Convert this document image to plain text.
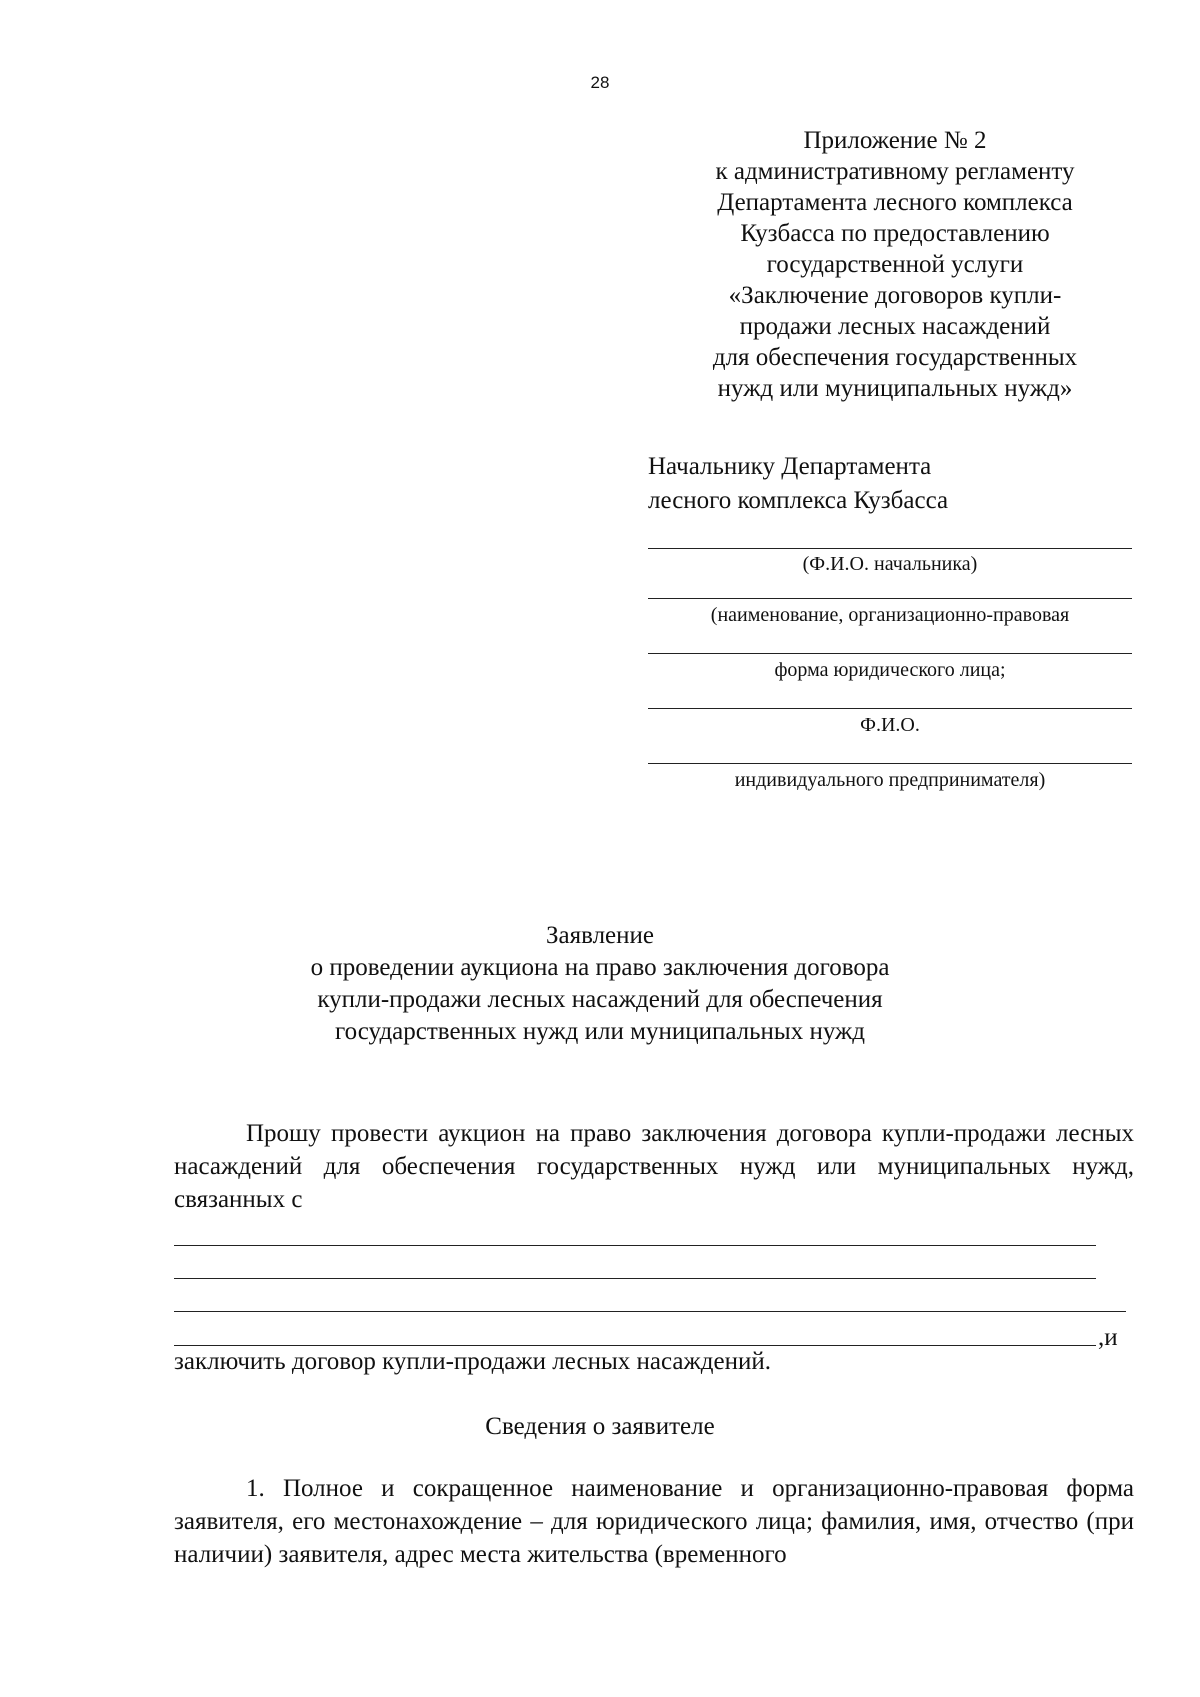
28
Приложение № 2
к административному регламенту
Департамента лесного комплекса
Кузбасса по предоставлению
государственной услуги
«Заключение договоров купли-
продажи лесных насаждений
для обеспечения государственных
нужд или муниципальных нужд»
Начальнику Департамента
лесного комплекса Кузбасса
(Ф.И.О. начальника)
(наименование, организационно-правовая
форма юридического лица;
Ф.И.О.
индивидуального предпринимателя)
Заявление
о проведении аукциона на право заключения договора
купли-продажи лесных насаждений для обеспечения
государственных нужд или муниципальных нужд
Прошу провести аукцион на право заключения договора купли-продажи лесных насаждений для обеспечения государственных нужд или муниципальных нужд, связанных с
,и
заключить договор купли-продажи лесных насаждений.
Сведения о заявителе
1. Полное и сокращенное наименование и организационно-правовая форма заявителя, его местонахождение – для юридического лица; фамилия, имя, отчество (при наличии) заявителя, адрес места жительства (временного
